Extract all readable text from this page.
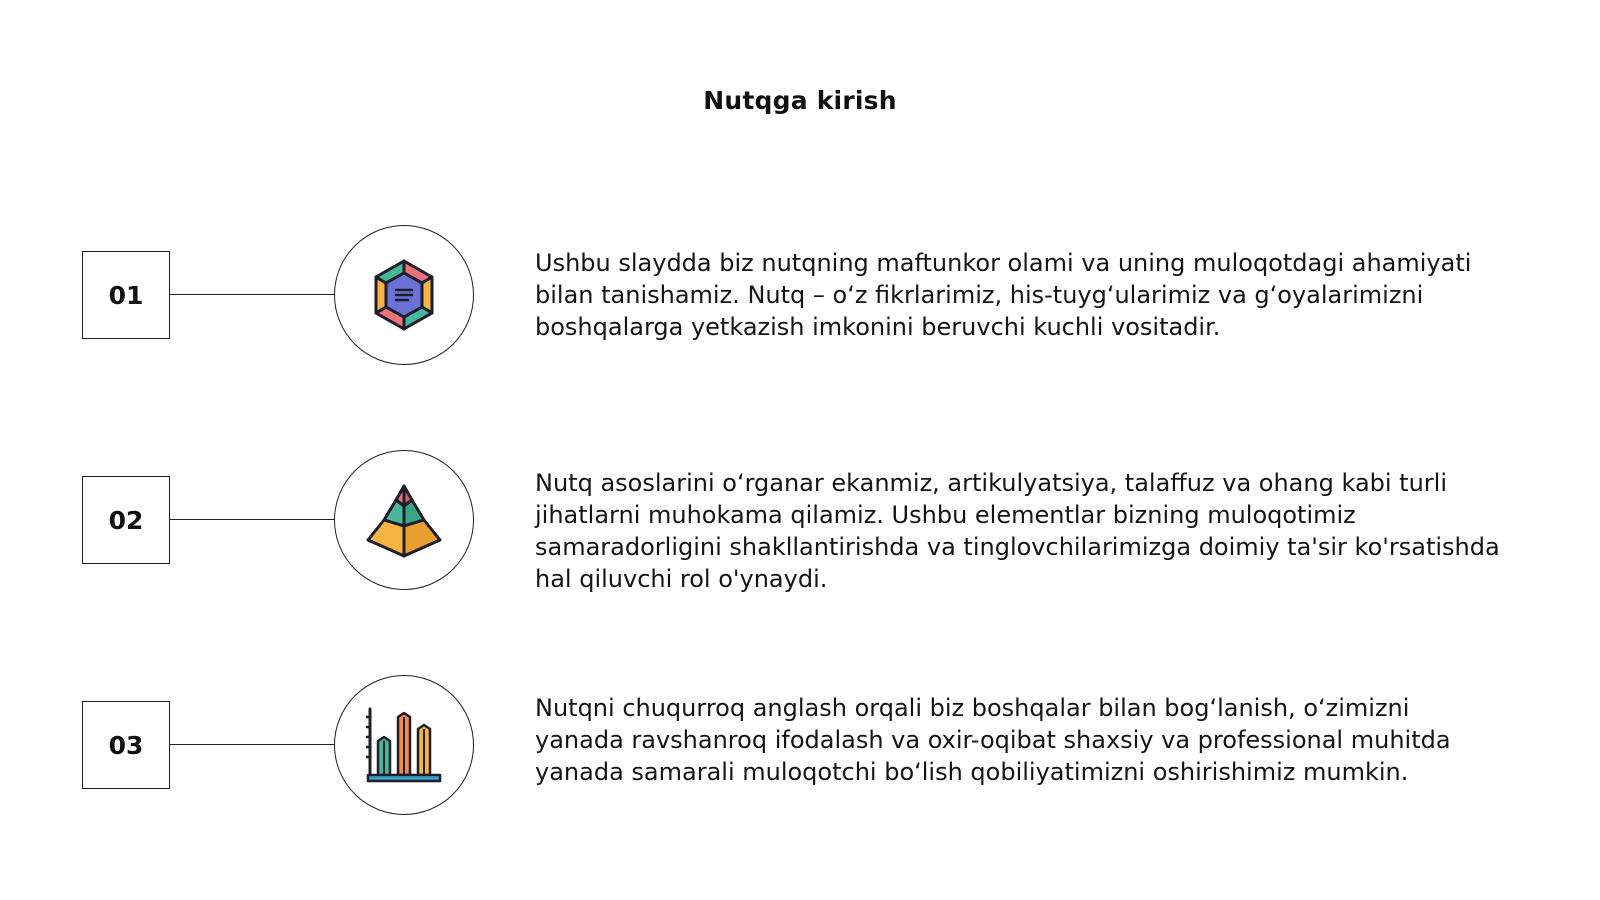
Nutqga kirish
01
Ushbu slaydda biz nutqning maftunkor olami va uning muloqotdagi ahamiyati bilan tanishamiz. Nutq – o‘z fikrlarimiz, his-tuyg‘ularimiz va g‘oyalarimizni boshqalarga yetkazish imkonini beruvchi kuchli vositadir.
02
Nutq asoslarini o‘rganar ekanmiz, artikulyatsiya, talaffuz va ohang kabi turli jihatlarni muhokama qilamiz. Ushbu elementlar bizning muloqotimiz samaradorligini shakllantirishda va tinglovchilarimizga doimiy ta'sir ko'rsatishda hal qiluvchi rol o'ynaydi.
03
Nutqni chuqurroq anglash orqali biz boshqalar bilan bog‘lanish, o‘zimizni yanada ravshanroq ifodalash va oxir-oqibat shaxsiy va professional muhitda yanada samarali muloqotchi bo‘lish qobiliyatimizni oshirishimiz mumkin.
